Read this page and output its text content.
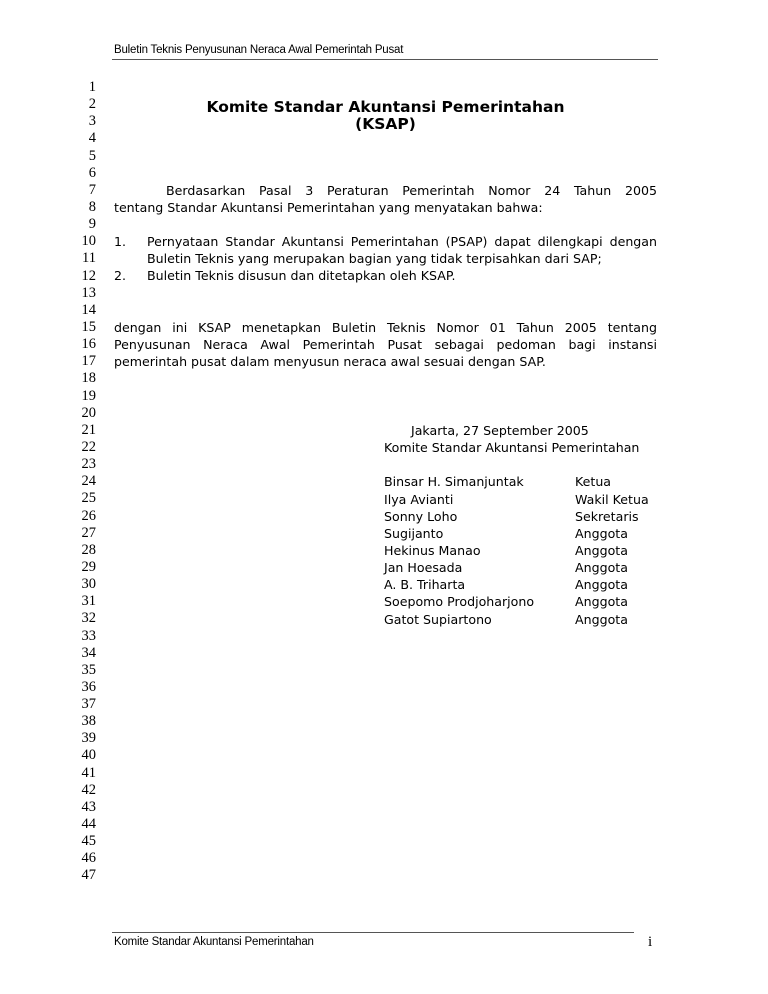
Buletin Teknis Penyusunan Neraca Awal Pemerintah Pusat
1
2
3
4
5
6
7
8
9
10
11
12
13
14
15
16
17
18
19
20
21
22
23
24
25
26
27
28
29
30
31
32
33
34
35
36
37
38
39
40
41
42
43
44
45
46
47
Komite Standar Akuntansi Pemerintahan
(KSAP)
Berdasarkan Pasal 3 Peraturan Pemerintah Nomor 24 Tahun 2005
tentang Standar Akuntansi Pemerintahan yang menyatakan bahwa:
1.	Pernyataan Standar Akuntansi Pemerintahan (PSAP) dapat dilengkapi dengan Buletin Teknis yang merupakan bagian yang tidak terpisahkan dari SAP;
2.	Buletin Teknis disusun dan ditetapkan oleh KSAP.
dengan ini KSAP menetapkan Buletin Teknis Nomor 01 Tahun 2005 tentang Penyusunan Neraca Awal Pemerintah Pusat sebagai pedoman bagi instansi pemerintah pusat dalam menyusun neraca awal sesuai dengan SAP.
Jakarta, 27 September 2005
Komite Standar Akuntansi Pemerintahan
Binsar H. Simanjuntak	Ketua
Ilya Avianti	Wakil Ketua
Sonny Loho	Sekretaris
Sugijanto	Anggota
Hekinus Manao	Anggota
Jan Hoesada	Anggota
A. B. Triharta	Anggota
Soepomo Prodjoharjono	Anggota
Gatot Supiartono	Anggota
Komite Standar Akuntansi Pemerintahan	i
